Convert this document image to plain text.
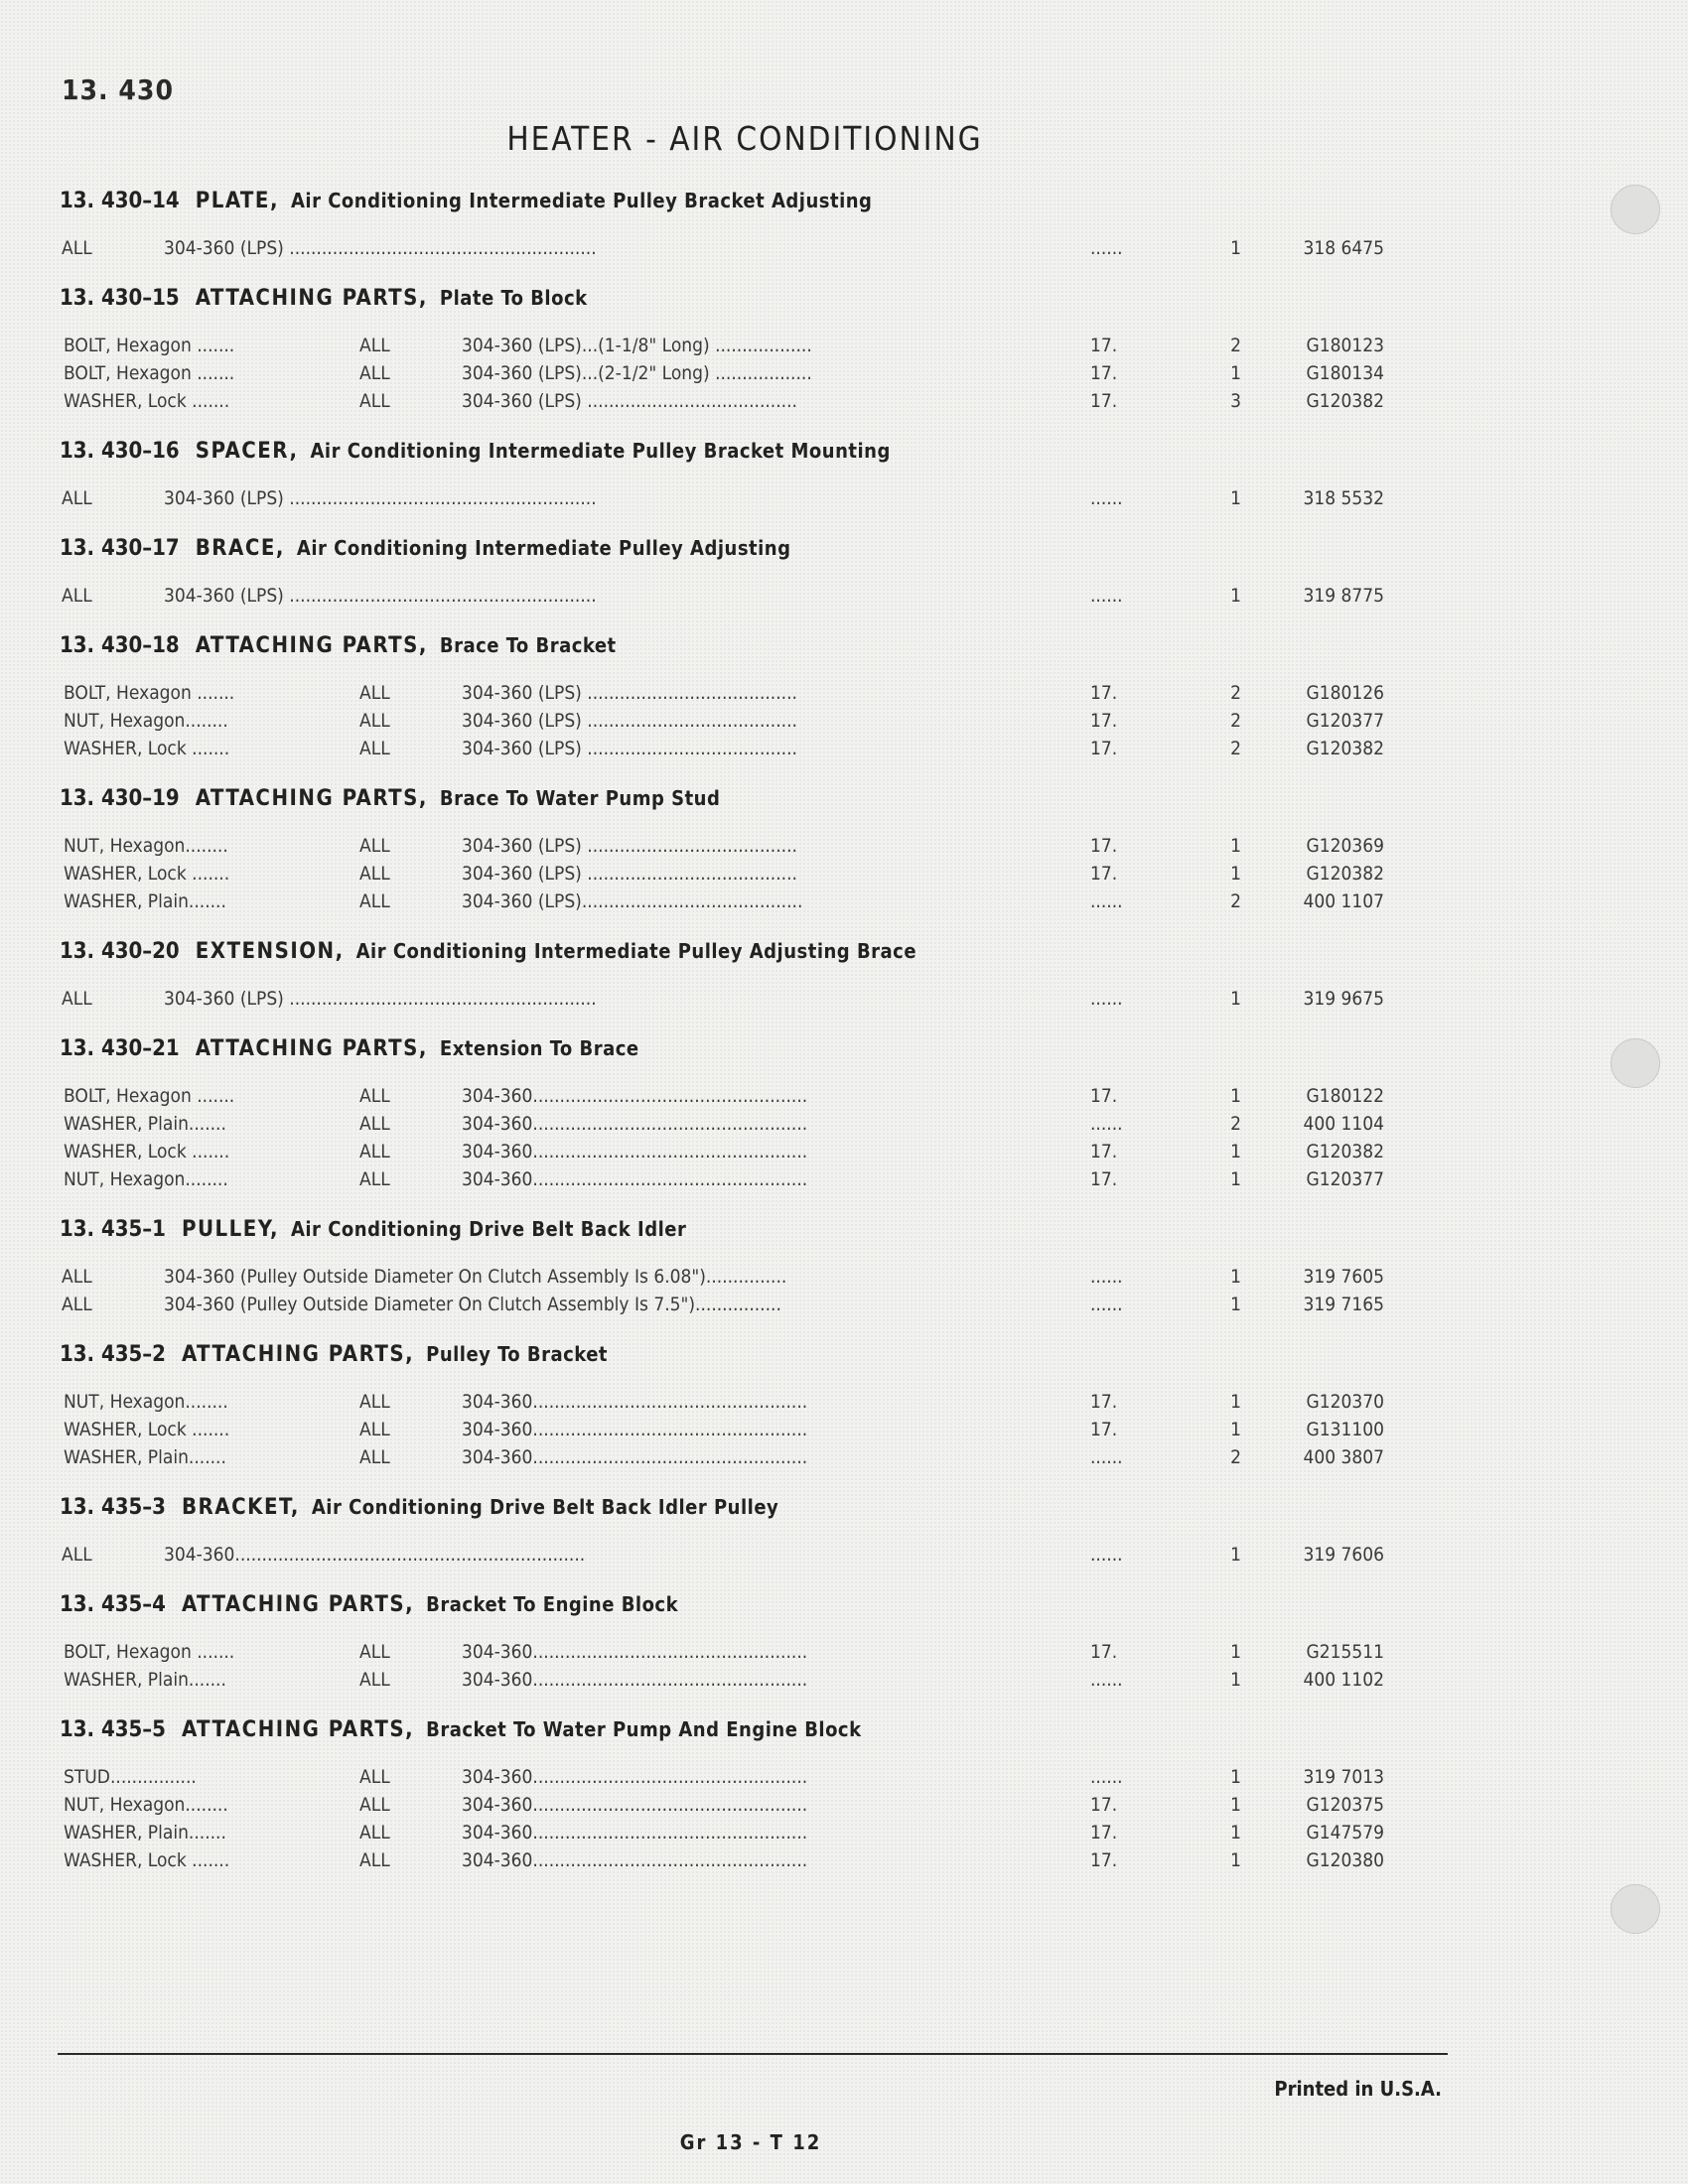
13. 430
HEATER - AIR CONDITIONING
13. 430–14 PLATE, Air Conditioning Intermediate Pulley Bracket Adjusting
ALL	304-360 (LPS) .........................................................	......	1	318 6475
13. 430–15 ATTACHING PARTS, Plate To Block
BOLT, Hexagon .......	ALL	304-360 (LPS)...(1-1/8" Long) ..................	17.	2	G180123
BOLT, Hexagon .......	ALL	304-360 (LPS)...(2-1/2" Long) ..................	17.	1	G180134
WASHER, Lock .......	ALL	304-360 (LPS) .......................................	17.	3	G120382
13. 430–16 SPACER, Air Conditioning Intermediate Pulley Bracket Mounting
ALL	304-360 (LPS) .........................................................	......	1	318 5532
13. 430–17 BRACE, Air Conditioning Intermediate Pulley Adjusting
ALL	304-360 (LPS) .........................................................	......	1	319 8775
13. 430–18 ATTACHING PARTS, Brace To Bracket
BOLT, Hexagon .......	ALL	304-360 (LPS) .......................................	17.	2	G180126
NUT, Hexagon........	ALL	304-360 (LPS) .......................................	17.	2	G120377
WASHER, Lock .......	ALL	304-360 (LPS) .......................................	17.	2	G120382
13. 430–19 ATTACHING PARTS, Brace To Water Pump Stud
NUT, Hexagon........	ALL	304-360 (LPS) .......................................	17.	1	G120369
WASHER, Lock .......	ALL	304-360 (LPS) .......................................	17.	1	G120382
WASHER, Plain.......	ALL	304-360 (LPS).........................................	......	2	400 1107
13. 430–20 EXTENSION, Air Conditioning Intermediate Pulley Adjusting Brace
ALL	304-360 (LPS) .........................................................	......	1	319 9675
13. 430–21 ATTACHING PARTS, Extension To Brace
BOLT, Hexagon .......	ALL	304-360...................................................	17.	1	G180122
WASHER, Plain.......	ALL	304-360...................................................	......	2	400 1104
WASHER, Lock .......	ALL	304-360...................................................	17.	1	G120382
NUT, Hexagon........	ALL	304-360...................................................	17.	1	G120377
13. 435–1 PULLEY, Air Conditioning Drive Belt Back Idler
ALL	304-360 (Pulley Outside Diameter On Clutch Assembly Is 6.08")...............	......	1	319 7605
ALL	304-360 (Pulley Outside Diameter On Clutch Assembly Is 7.5")................	......	1	319 7165
13. 435–2 ATTACHING PARTS, Pulley To Bracket
NUT, Hexagon........	ALL	304-360...................................................	17.	1	G120370
WASHER, Lock .......	ALL	304-360...................................................	17.	1	G131100
WASHER, Plain.......	ALL	304-360...................................................	......	2	400 3807
13. 435–3 BRACKET, Air Conditioning Drive Belt Back Idler Pulley
ALL	304-360.................................................................	......	1	319 7606
13. 435–4 ATTACHING PARTS, Bracket To Engine Block
BOLT, Hexagon .......	ALL	304-360...................................................	17.	1	G215511
WASHER, Plain.......	ALL	304-360...................................................	......	1	400 1102
13. 435–5 ATTACHING PARTS, Bracket To Water Pump And Engine Block
STUD................	ALL	304-360...................................................	......	1	319 7013
NUT, Hexagon........	ALL	304-360...................................................	17.	1	G120375
WASHER, Plain.......	ALL	304-360...................................................	17.	1	G147579
WASHER, Lock .......	ALL	304-360...................................................	17.	1	G120380
Printed in U.S.A.
Gr 13 - T 12
